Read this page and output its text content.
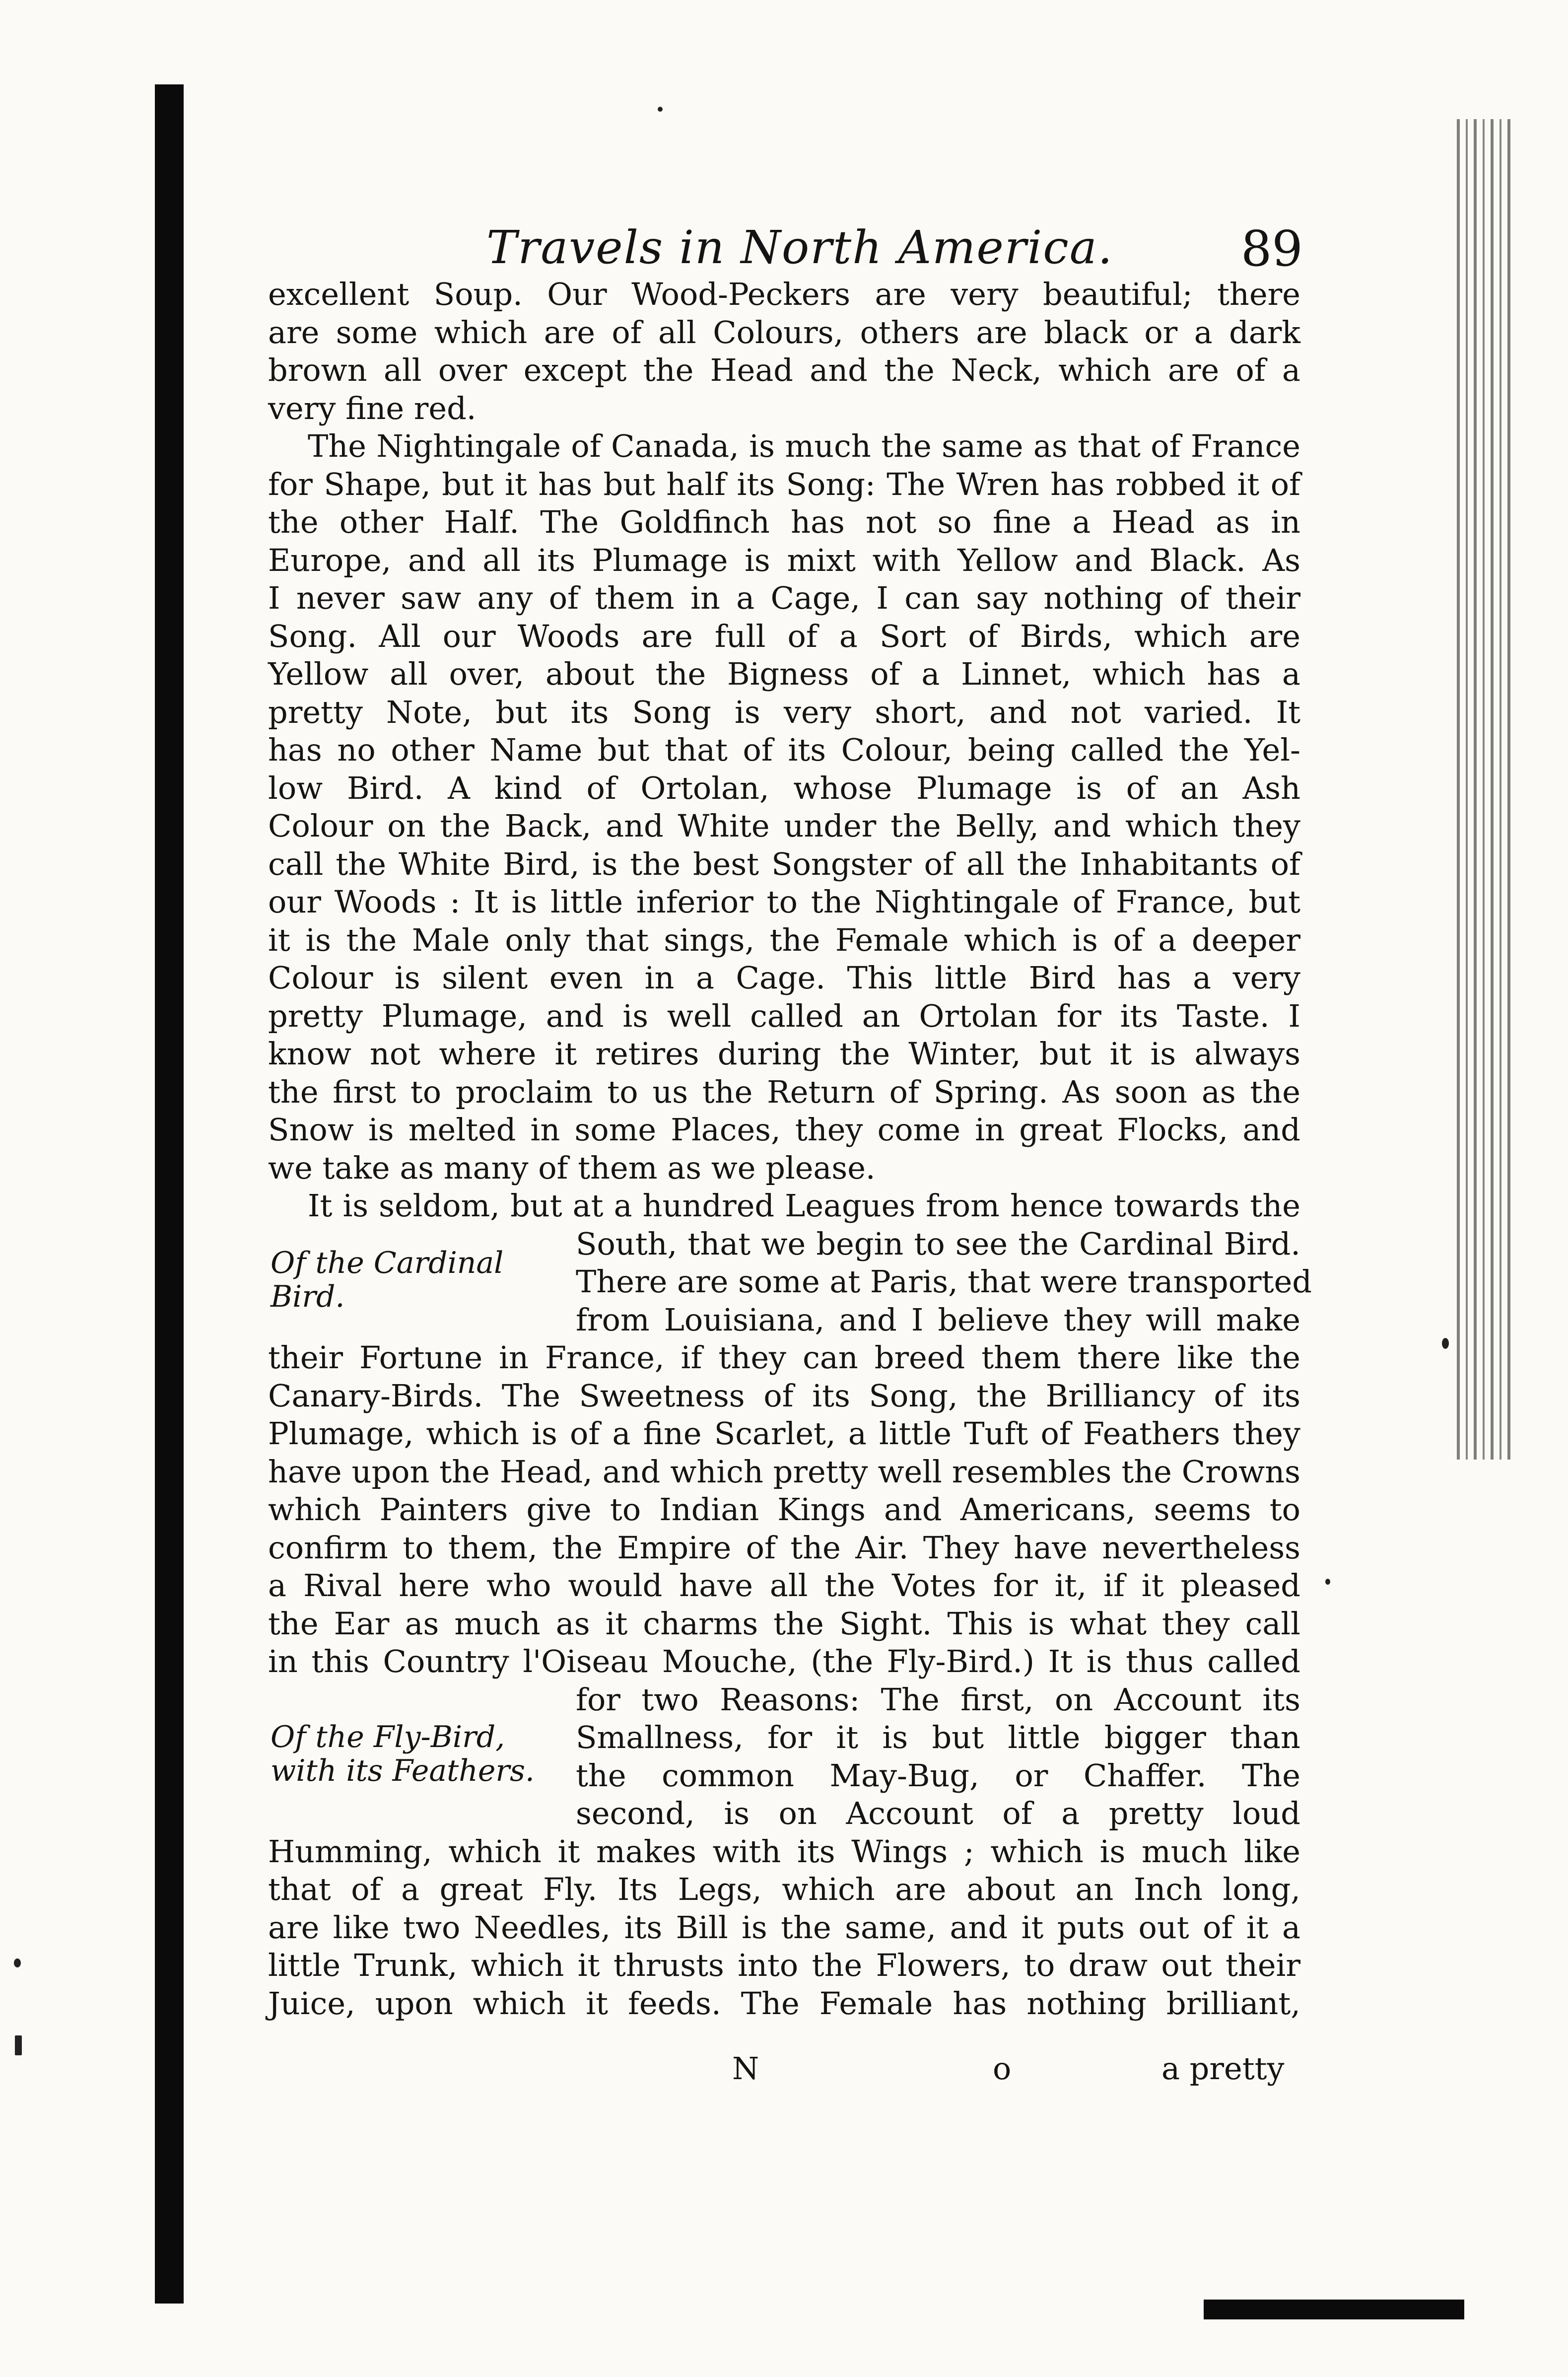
Travels in North America.	89
excellent Soup. Our Wood-Peckers are very beautiful; there
are some which are of all Colours, others are black or a dark
brown all over except the Head and the Neck, which are of a
very fine red.
The Nightingale of Canada, is much the same as that of France
for Shape, but it has but half its Song: The Wren has robbed it of
the other Half. The Goldfinch has not so fine a Head as in
Europe, and all its Plumage is mixt with Yellow and Black. As
I never saw any of them in a Cage, I can say nothing of their
Song. All our Woods are full of a Sort of Birds, which are
Yellow all over, about the Bigness of a Linnet, which has a
pretty Note, but its Song is very short, and not varied. It
has no other Name but that of its Colour, being called the Yel-
low Bird. A kind of Ortolan, whose Plumage is of an Ash
Colour on the Back, and White under the Belly, and which they
call the White Bird, is the best Songster of all the Inhabitants of
our Woods : It is little inferior to the Nightingale of France, but
it is the Male only that sings, the Female which is of a deeper
Colour is silent even in a Cage. This little Bird has a very
pretty Plumage, and is well called an Ortolan for its Taste. I
know not where it retires during the Winter, but it is always
the first to proclaim to us the Return of Spring. As soon as the
Snow is melted in some Places, they come in great Flocks, and
we take as many of them as we please.
It is seldom, but at a hundred Leagues from hence towards the
South, that we begin to see the Cardinal Bird.
There are some at Paris, that were transported
from Louisiana, and I believe they will make
their Fortune in France, if they can breed them there like the
Canary-Birds. The Sweetness of its Song, the Brilliancy of its
Plumage, which is of a fine Scarlet, a little Tuft of Feathers they
have upon the Head, and which pretty well resembles the Crowns
which Painters give to Indian Kings and Americans, seems to
confirm to them, the Empire of the Air. They have nevertheless
a Rival here who would have all the Votes for it, if it pleased
the Ear as much as it charms the Sight. This is what they call
in this Country l'Oiseau Mouche, (the Fly-Bird.) It is thus called
for two Reasons: The first, on Account its
Smallness, for it is but little bigger than
the common May-Bug, or Chaffer. The
second, is on Account of a pretty loud
Humming, which it makes with its Wings ; which is much like
that of a great Fly. Its Legs, which are about an Inch long,
are like two Needles, its Bill is the same, and it puts out of it a
little Trunk, which it thrusts into the Flowers, to draw out their
Juice, upon which it feeds. The Female has nothing brilliant,
Of the Cardinal
Bird.
Of the Fly-Bird,
with its Feathers.
N	o	a pretty
